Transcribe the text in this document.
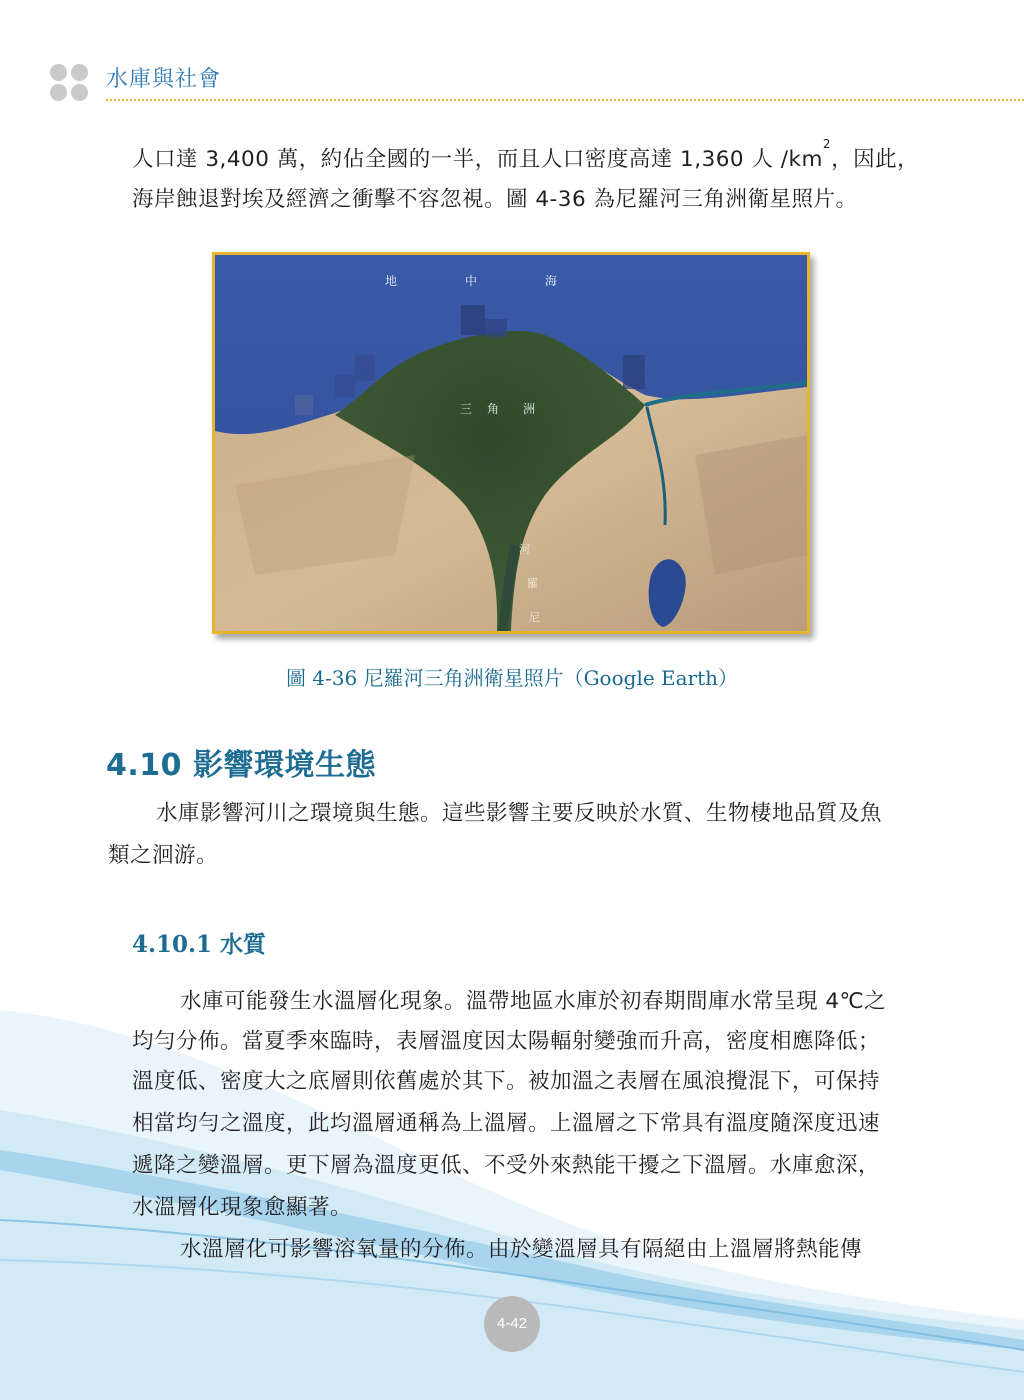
水庫與社會

人口達 3,400 萬，約佔全國的一半，而且人口密度高達 1,360 人 $/km^2$，因此，

海岸蝕退對埃及經濟之衝擊不容忽視。圖 4-36 為尼羅河三角洲衛星照片。

地	中	海
三 角 洲
河
羅
尼
圖 4-36 尼羅河三角洲衛星照片（Google Earth）
4.10 影響環境生態

水庫影響河川之環境與生態。這些影響主要反映於水質、生物棲地品質及魚

類之洄游。

4.10.1 水質

水庫可能發生水溫層化現象。溫帶地區水庫於初春期間庫水常呈現 4℃之

均勻分佈。當夏季來臨時，表層溫度因太陽輻射變強而升高，密度相應降低；

溫度低、密度大之底層則依舊處於其下。被加溫之表層在風浪攪混下，可保持

相當均勻之溫度，此均溫層通稱為上溫層。上溫層之下常具有溫度隨深度迅速

遞降之變溫層。更下層為溫度更低、不受外來熱能干擾之下溫層。水庫愈深，

水溫層化現象愈顯著。

水溫層化可影響溶氧量的分佈。由於變溫層具有隔絕由上溫層將熱能傳

4-42
